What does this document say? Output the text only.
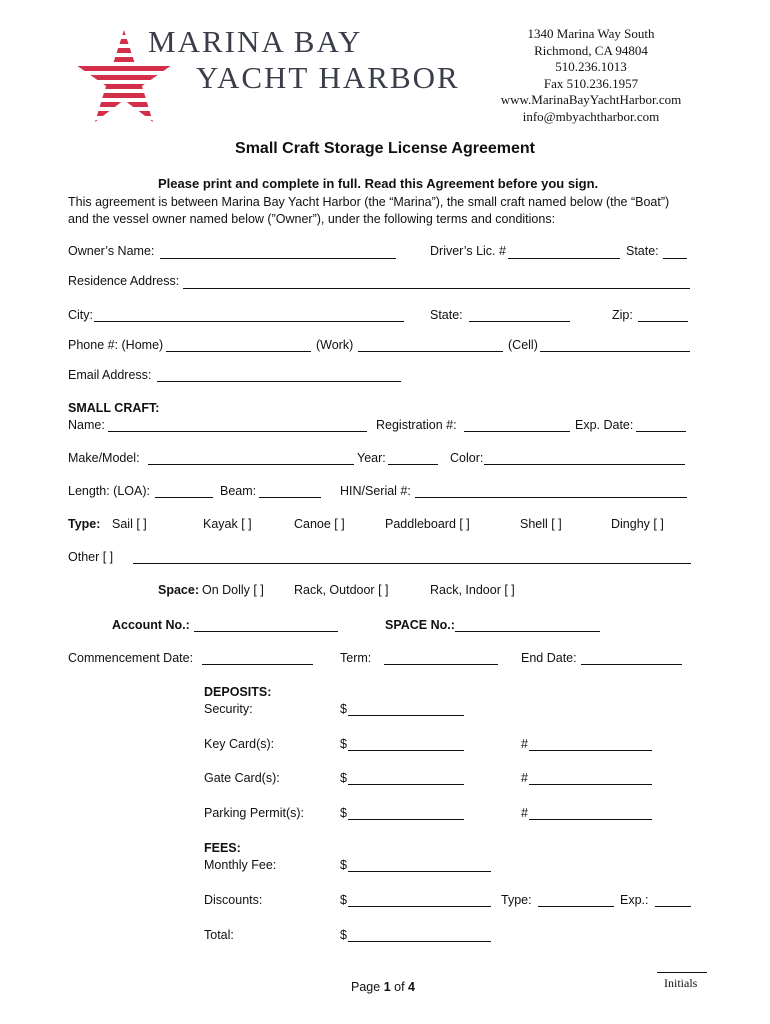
MARINA BAY
YACHT HARBOR
1340 Marina Way South
Richmond, CA 94804
510.236.1013
Fax 510.236.1957
www.MarinaBayYachtHarbor.com
info@mbyachtharbor.com
Small Craft Storage License Agreement
Please print and complete in full. Read this Agreement before you sign.
This agreement is between Marina Bay Yacht Harbor (the “Marina”), the small craft named below (the “Boat”)
and the vessel owner named below (”Owner”), under the following terms and conditions:
Owner’s Name:	Driver’s Lic. #	State:
Residence Address:
City:	State:	Zip:
Phone #: (Home)	(Work)	(Cell)
Email Address:
SMALL CRAFT:
Name:	Registration #:	Exp. Date:
Make/Model:	Year:	Color:
Length: (LOA):	Beam:	HIN/Serial #:
Type: Sail [ ]	Kayak [ ]	Canoe [ ]	Paddleboard [ ]	Shell [ ]	Dinghy [ ]
Other [ ]
Space: On Dolly [ ] Rack, Outdoor [ ]	Rack, Indoor [ ]
Account No.:	SPACE No.:
Commencement Date:	Term:	End Date:
DEPOSITS:
Security:	$
Key Card(s):	$	#
Gate Card(s):	$	#
Parking Permit(s):	$	#
FEES:
Monthly Fee:	$
Discounts:	$	Type:	Exp.:
Total:	$
Page 1 of 4	Initials
